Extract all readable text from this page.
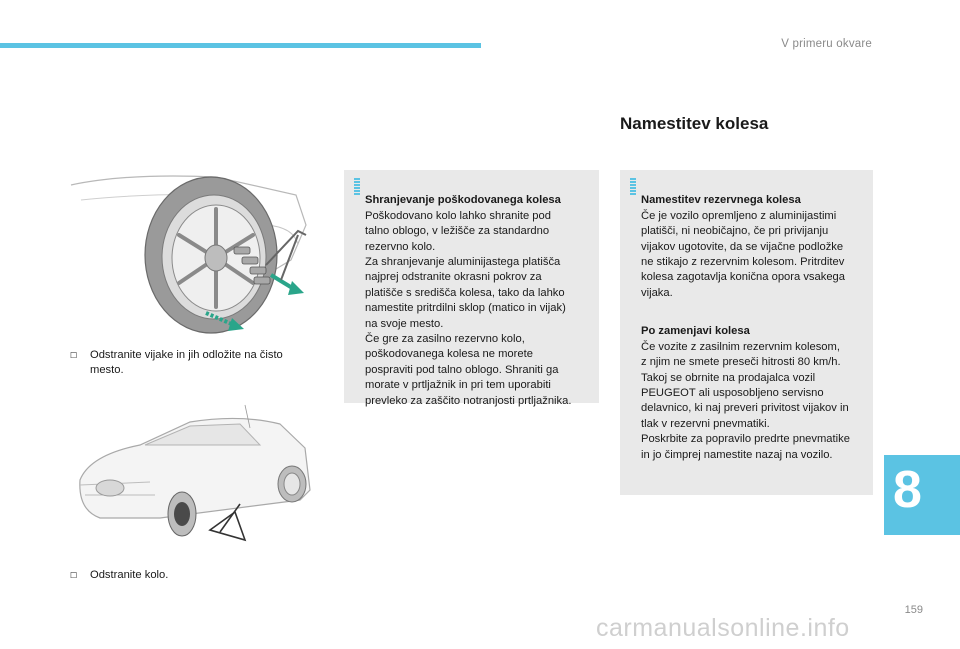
V primeru okvare
Namestitev kolesa
☐ Odstranite vijake in jih odložite na čisto
mesto.
☐ Odstranite kolo.

Shranjevanje poškodovanega kolesa

Poškodovano kolo lahko shranite pod
talno oblogo, v ležišče za standardno
rezervno kolo.
Za shranjevanje aluminijastega platišča
najprej odstranite okrasni pokrov za
platišče s središča kolesa, tako da lahko
namestite pritrdilni sklop (matico in vijak)
na svoje mesto.
Če gre za zasilno rezervno kolo,
poškodovanega kolesa ne morete
pospraviti pod talno oblogo. Shraniti ga
morate v prtljažnik in pri tem uporabiti
prevleko za zaščito notranjosti prtljažnika.

Namestitev rezervnega kolesa

Če je vozilo opremljeno z aluminijastimi
platišči, ni neobičajno, če pri privijanju
vijakov ugotovite, da se vijačne podložke
ne stikajo z rezervnim kolesom. Pritrditev
kolesa zagotavlja konična opora vsakega
vijaka.

Po zamenjavi kolesa

Če vozite z zasilnim rezervnim kolesom,
z njim ne smete preseči hitrosti 80 km/h.
Takoj se obrnite na prodajalca vozil
PEUGEOT ali usposobljeno servisno
delavnico, ki naj preveri privitost vijakov in
tlak v rezervni pnevmatiki.
Poskrbite za popravilo predrte pnevmatike
in jo čimprej namestite nazaj na vozilo.

8
159
carmanualsonline.info
